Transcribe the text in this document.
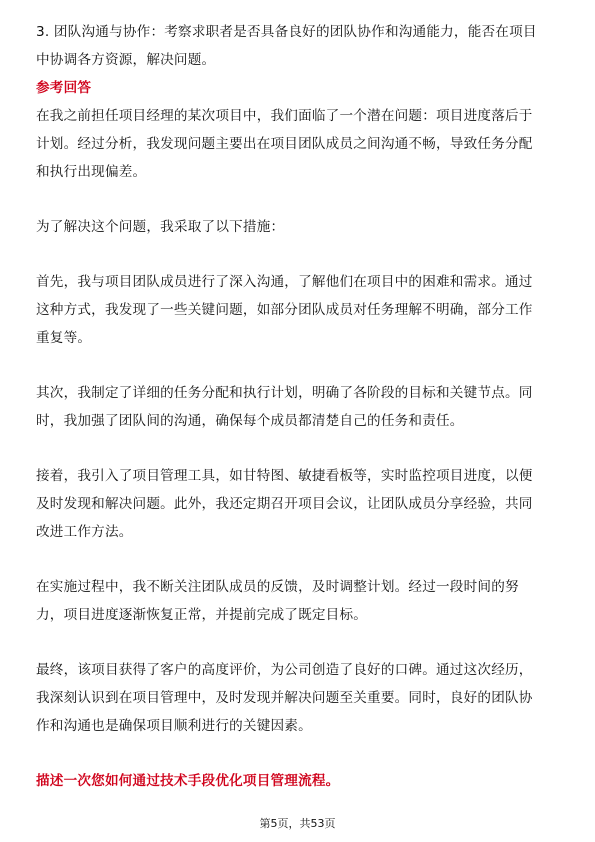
3. 团队沟通与协作：考察求职者是否具备良好的团队协作和沟通能力，能否在项目
中协调各方资源，解决问题。
参考回答
在我之前担任项目经理的某次项目中，我们面临了一个潜在问题：项目进度落后于
计划。经过分析，我发现问题主要出在项目团队成员之间沟通不畅，导致任务分配
和执行出现偏差。
为了解决这个问题，我采取了以下措施：
首先，我与项目团队成员进行了深入沟通，了解他们在项目中的困难和需求。通过
这种方式，我发现了一些关键问题，如部分团队成员对任务理解不明确，部分工作
重复等。
其次，我制定了详细的任务分配和执行计划，明确了各阶段的目标和关键节点。同
时，我加强了团队间的沟通，确保每个成员都清楚自己的任务和责任。
接着，我引入了项目管理工具，如甘特图、敏捷看板等，实时监控项目进度，以便
及时发现和解决问题。此外，我还定期召开项目会议，让团队成员分享经验，共同
改进工作方法。
在实施过程中，我不断关注团队成员的反馈，及时调整计划。经过一段时间的努
力，项目进度逐渐恢复正常，并提前完成了既定目标。
最终，该项目获得了客户的高度评价，为公司创造了良好的口碑。通过这次经历，
我深刻认识到在项目管理中，及时发现并解决问题至关重要。同时，良好的团队协
作和沟通也是确保项目顺利进行的关键因素。
描述一次您如何通过技术手段优化项目管理流程。
第5页，共53页
